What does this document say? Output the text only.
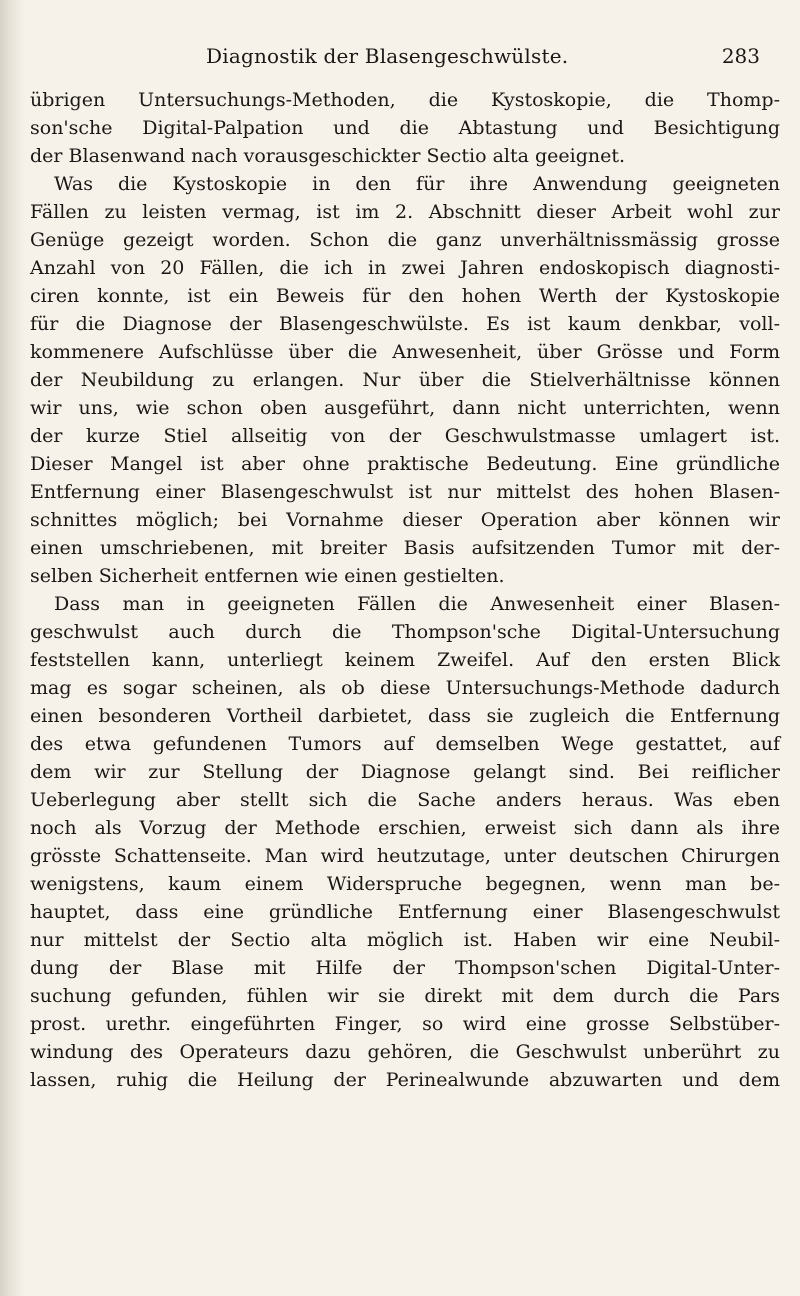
Diagnostik der Blasengeschwülste.	283
übrigen Untersuchungs-Methoden, die Kystoskopie, die Thomp-
son'sche Digital-Palpation und die Abtastung und Besichtigung
der Blasenwand nach vorausgeschickter Sectio alta geeignet.
Was die Kystoskopie in den für ihre Anwendung geeigneten
Fällen zu leisten vermag, ist im 2. Abschnitt dieser Arbeit wohl zur
Genüge gezeigt worden. Schon die ganz unverhältnissmässig grosse
Anzahl von 20 Fällen, die ich in zwei Jahren endoskopisch diagnosti-
ciren konnte, ist ein Beweis für den hohen Werth der Kystoskopie
für die Diagnose der Blasengeschwülste. Es ist kaum denkbar, voll-
kommenere Aufschlüsse über die Anwesenheit, über Grösse und Form
der Neubildung zu erlangen. Nur über die Stielverhältnisse können
wir uns, wie schon oben ausgeführt, dann nicht unterrichten, wenn
der kurze Stiel allseitig von der Geschwulstmasse umlagert ist.
Dieser Mangel ist aber ohne praktische Bedeutung. Eine gründliche
Entfernung einer Blasengeschwulst ist nur mittelst des hohen Blasen-
schnittes möglich; bei Vornahme dieser Operation aber können wir
einen umschriebenen, mit breiter Basis aufsitzenden Tumor mit der-
selben Sicherheit entfernen wie einen gestielten.
Dass man in geeigneten Fällen die Anwesenheit einer Blasen-
geschwulst auch durch die Thompson'sche Digital-Untersuchung
feststellen kann, unterliegt keinem Zweifel. Auf den ersten Blick
mag es sogar scheinen, als ob diese Untersuchungs-Methode dadurch
einen besonderen Vortheil darbietet, dass sie zugleich die Entfernung
des etwa gefundenen Tumors auf demselben Wege gestattet, auf
dem wir zur Stellung der Diagnose gelangt sind. Bei reiflicher
Ueberlegung aber stellt sich die Sache anders heraus. Was eben
noch als Vorzug der Methode erschien, erweist sich dann als ihre
grösste Schattenseite. Man wird heutzutage, unter deutschen Chirurgen
wenigstens, kaum einem Widerspruche begegnen, wenn man be-
hauptet, dass eine gründliche Entfernung einer Blasengeschwulst
nur mittelst der Sectio alta möglich ist. Haben wir eine Neubil-
dung der Blase mit Hilfe der Thompson'schen Digital-Unter-
suchung gefunden, fühlen wir sie direkt mit dem durch die Pars
prost. urethr. eingeführten Finger, so wird eine grosse Selbstüber-
windung des Operateurs dazu gehören, die Geschwulst unberührt zu
lassen, ruhig die Heilung der Perinealwunde abzuwarten und dem
